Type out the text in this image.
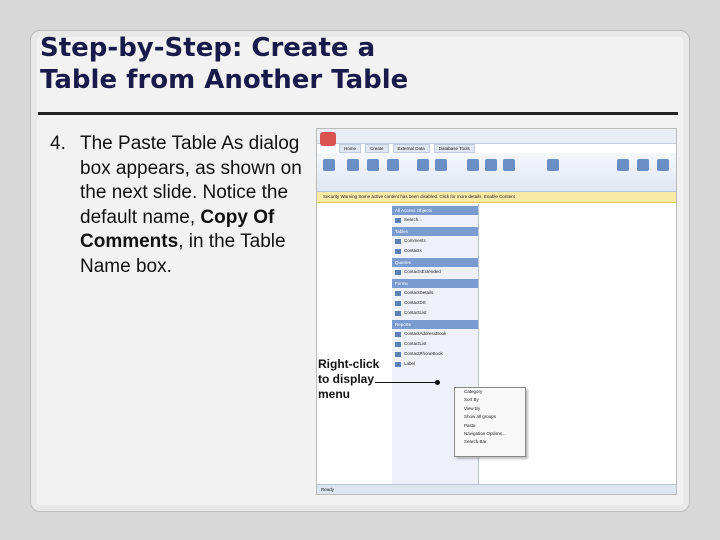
Step-by-Step: Create a
Table from Another Table
4. The Paste Table As dialog box appears, as shown on the next slide. Notice the default name, Copy Of Comments, in the Table Name box.
Home	Create	External Data	Database Tools
Security Warning Some active content has been disabled. Click for more details. Enable Content
All Access Objects
Search...
Tables
Comments
Contacts
Queries
ContactsExtended
Forms
ContactDetails
ContactDS
ContactList
Reports
ContactAddressBook
ContactList
ContactPhoneBook
Label
Category
Sort By
View By
Show all groups
Paste
Navigation Options...
Search Bar
Ready
Right-click
to display
menu
